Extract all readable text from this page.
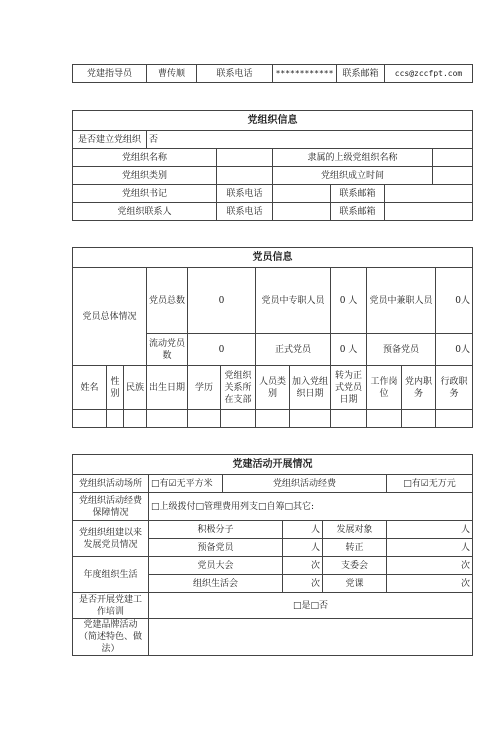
党建指导员	曹传顺	联系电话	************	联系邮箱	ccs@zccfpt.com
党组织信息						
是否建立党组织	否					
党组织名称			隶属的上级党组织名称			
党组织类别			党组织成立时间			
党组织书记		联系电话		联系邮箱		
党组织联系人		联系电话		联系邮箱		
党员信息											
党员总体情况			党员总数	0		党员中专职人员		0 人	党员中兼职人员		0人
			流动党员数	0		正式党员		0 人	预备党员		0人
姓名	性别	民族	出生日期	学历	党组织关系所在支部	人员类别	加入党组织日期	转为正式党员日期	工作岗位	党内职务	行政职务

党建活动开展情况					
党组织活动场所	□有☑无平方米	党组织活动经费			□有☑无万元
党组织活动经费保障情况	□上级拨付□管理费用列支□自筹□其它:				
党组织组建以来发展党员情况	积极分子		人	发展对象	人
	预备党员		人	转正	人
年度组织生活	党员大会		次	支委会	次
	组织生活会		次	党课	次
是否开展党建工作培训	□是□否				
党建品牌活动（简述特色、做法）					
